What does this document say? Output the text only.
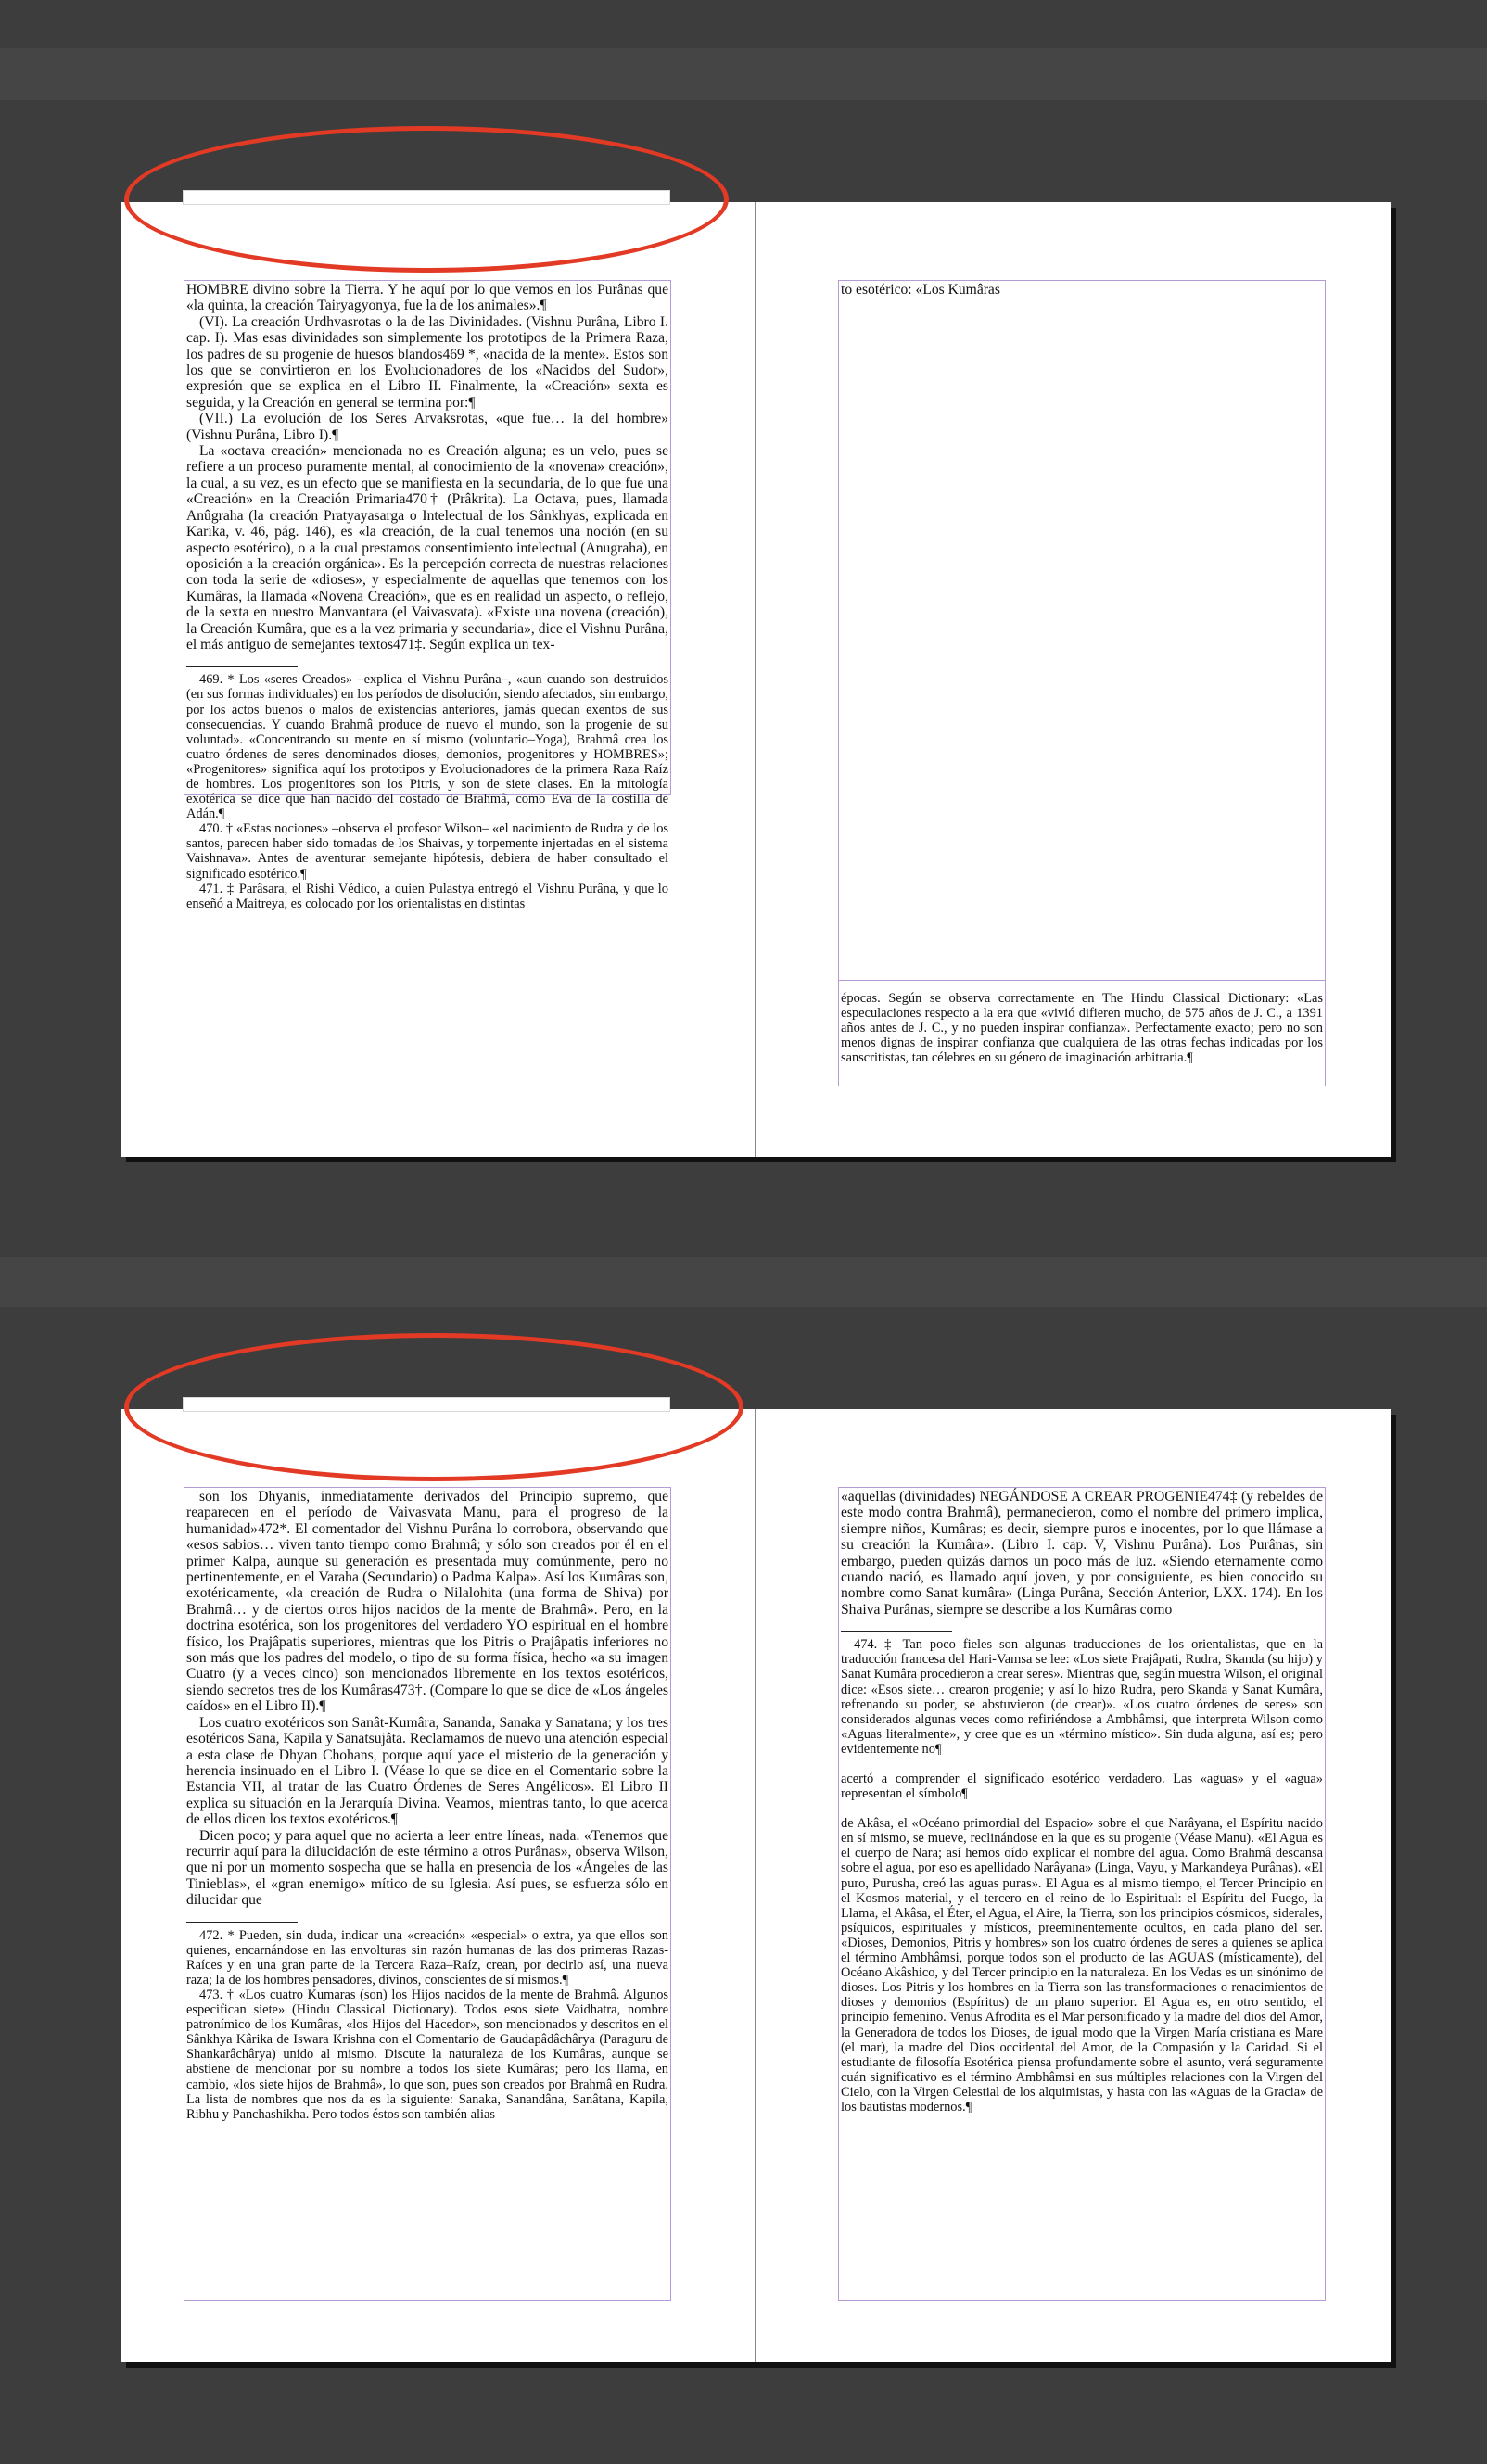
HOMBRE divino sobre la Tierra. Y he aquí por lo que vemos en los Purânas que «la quinta, la creación Tairyagyonya, fue la de los animales».¶

(VI). La creación Urdhvasrotas o la de las Divinidades. (Vishnu Purâna, Libro I. cap. I). Mas esas divinidades son simplemente los prototipos de la Primera Raza, los padres de su progenie de huesos blandos469 *, «nacida de la mente». Estos son los que se convirtieron en los Evolucionadores de los «Nacidos del Sudor», expresión que se explica en el Libro II. Finalmente, la «Creación» sexta es seguida, y la Creación en general se termina por:¶

(VII.) La evolución de los Seres Arvaksrotas, «que fue… la del hombre» (Vishnu Purâna, Libro I).¶

La «octava creación» mencionada no es Creación alguna; es un velo, pues se refiere a un proceso puramente mental, al conocimiento de la «novena» creación», la cual, a su vez, es un efecto que se manifiesta en la secundaria, de lo que fue una «Creación» en la Creación Primaria470† (Prâkrita). La Octava, pues, llamada Anûgraha (la creación Pratyayasarga o Intelectual de los Sânkhyas, explicada en Karika, v. 46, pág. 146), es «la creación, de la cual tenemos una noción (en su aspecto esotérico), o a la cual prestamos consentimiento intelectual (Anugraha), en oposición a la creación orgánica». Es la percepción correcta de nuestras relaciones con toda la serie de «dioses», y especialmente de aquellas que tenemos con los Kumâras, la llamada «Novena Creación», que es en realidad un aspecto, o reflejo, de la sexta en nuestro Manvantara (el Vaivasvata). «Existe una novena (creación), la Creación Kumâra, que es a la vez primaria y secundaria», dice el Vishnu Purâna, el más antiguo de semejantes textos471‡. Según explica un tex-

469. * Los «seres Creados» –explica el Vishnu Purâna–, «aun cuando son destruidos (en sus formas individuales) en los períodos de disolución, siendo afectados, sin embargo, por los actos buenos o malos de existencias anteriores, jamás quedan exentos de sus consecuencias. Y cuando Brahmâ produce de nuevo el mundo, son la progenie de su voluntad». «Concentrando su mente en sí mismo (voluntario–Yoga), Brahmâ crea los cuatro órdenes de seres denominados dioses, demonios, progenitores y HOMBRES»; «Progenitores» significa aquí los prototipos y Evolucionadores de la primera Raza Raíz de hombres. Los progenitores son los Pitris, y son de siete clases. En la mitología exotérica se dice que han nacido del costado de Brahmâ, como Eva de la costilla de Adán.¶

470. † «Estas nociones» –observa el profesor Wilson– «el nacimiento de Rudra y de los santos, parecen haber sido tomadas de los Shaivas, y torpemente injertadas en el sistema Vaishnava». Antes de aventurar semejante hipótesis, debiera de haber consultado el significado esotérico.¶

471. ‡ Parâsara, el Rishi Védico, a quien Pulastya entregó el Vishnu Purâna, y que lo enseñó a Maitreya, es colocado por los orientalistas en distintas

to esotérico: «Los Kumâras

épocas. Según se observa correctamente en The Hindu Classical Dictionary: «Las especulaciones respecto a la era que «vivió difieren mucho, de 575 años de J. C., a 1391 años antes de J. C., y no pueden inspirar confianza». Perfectamente exacto; pero no son menos dignas de inspirar confianza que cualquiera de las otras fechas indicadas por los sanscritistas, tan célebres en su género de imaginación arbitraria.¶

son los Dhyanis, inmediatamente derivados del Principio supremo, que reaparecen en el período de Vaivasvata Manu, para el progreso de la humanidad»472*. El comentador del Vishnu Purâna lo corrobora, observando que «esos sabios… viven tanto tiempo como Brahmâ; y sólo son creados por él en el primer Kalpa, aunque su generación es presentada muy comúnmente, pero no pertinentemente, en el Varaha (Secundario) o Padma Kalpa». Así los Kumâras son, exotéricamente, «la creación de Rudra o Nilalohita (una forma de Shiva) por Brahmâ… y de ciertos otros hijos nacidos de la mente de Brahmâ». Pero, en la doctrina esotérica, son los progenitores del verdadero YO espiritual en el hombre físico, los Prajâpatis superiores, mientras que los Pitris o Prajâpatis inferiores no son más que los padres del modelo, o tipo de su forma física, hecho «a su imagen Cuatro (y a veces cinco) son mencionados libremente en los textos esotéricos, siendo secretos tres de los Kumâras473†. (Compare lo que se dice de «Los ángeles caídos» en el Libro II).¶

Los cuatro exotéricos son Sanât-Kumâra, Sananda, Sanaka y Sanatana; y los tres esotéricos Sana, Kapila y Sanatsujâta. Reclamamos de nuevo una atención especial a esta clase de Dhyan Chohans, porque aquí yace el misterio de la generación y herencia insinuado en el Libro I. (Véase lo que se dice en el Comentario sobre la Estancia VII, al tratar de las Cuatro Órdenes de Seres Angélicos». El Libro II explica su situación en la Jerarquía Divina. Veamos, mientras tanto, lo que acerca de ellos dicen los textos exotéricos.¶

Dicen poco; y para aquel que no acierta a leer entre líneas, nada. «Tenemos que recurrir aquí para la dilucidación de este término a otros Purânas», observa Wilson, que ni por un momento sospecha que se halla en presencia de los «Ángeles de las Tinieblas», el «gran enemigo» mítico de su Iglesia. Así pues, se esfuerza sólo en dilucidar que

472. * Pueden, sin duda, indicar una «creación» «especial» o extra, ya que ellos son quienes, encarnándose en las envolturas sin razón humanas de las dos primeras Razas-Raíces y en una gran parte de la Tercera Raza–Raíz, crean, por decirlo así, una nueva raza; la de los hombres pensadores, divinos, conscientes de sí mismos.¶

473. † «Los cuatro Kumaras (son) los Hijos nacidos de la mente de Brahmâ. Algunos especifican siete» (Hindu Classical Dictionary). Todos esos siete Vaidhatra, nombre patronímico de los Kumâras, «los Hijos del Hacedor», son mencionados y descritos en el Sânkhya Kârika de Iswara Krishna con el Comentario de Gaudapâdâchârya (Paraguru de Shankarâchârya) unido al mismo. Discute la naturaleza de los Kumâras, aunque se abstiene de mencionar por su nombre a todos los siete Kumâras; pero los llama, en cambio, «los siete hijos de Brahmâ», lo que son, pues son creados por Brahmâ en Rudra. La lista de nombres que nos da es la siguiente: Sanaka, Sanandâna, Sanâtana, Kapila, Ribhu y Panchashikha. Pero todos éstos son también alias

«aquellas (divinidades) NEGÁNDOSE A CREAR PROGENIE474‡ (y rebeldes de este modo contra Brahmâ), permanecieron, como el nombre del primero implica, siempre niños, Kumâras; es decir, siempre puros e inocentes, por lo que llámase a su creación la Kumâra». (Libro I. cap. V, Vishnu Purâna). Los Purânas, sin embargo, pueden quizás darnos un poco más de luz. «Siendo eternamente como cuando nació, es llamado aquí joven, y por consiguiente, es bien conocido su nombre como Sanat kumâra» (Linga Purâna, Sección Anterior, LXX. 174). En los Shaiva Purânas, siempre se describe a los Kumâras como

474. ‡ Tan poco fieles son algunas traducciones de los orientalistas, que en la traducción francesa del Hari-Vamsa se lee: «Los siete Prajâpati, Rudra, Skanda (su hijo) y Sanat Kumâra procedieron a crear seres». Mientras que, según muestra Wilson, el original dice: «Esos siete… crearon progenie; y así lo hizo Rudra, pero Skanda y Sanat Kumâra, refrenando su poder, se abstuvieron (de crear)». «Los cuatro órdenes de seres» son considerados algunas veces como refiriéndose a Ambhâmsi, que interpreta Wilson como «Aguas literalmente», y cree que es un «término místico». Sin duda alguna, así es; pero evidentemente no¶

acertó a comprender el significado esotérico verdadero. Las «aguas» y el «agua» representan el símbolo¶

de Akâsa, el «Océano primordial del Espacio» sobre el que Narâyana, el Espíritu nacido en sí mismo, se mueve, reclinándose en la que es su progenie (Véase Manu). «El Agua es el cuerpo de Nara; así hemos oído explicar el nombre del agua. Como Brahmâ descansa sobre el agua, por eso es apellidado Narâyana» (Linga, Vayu, y Markandeya Purânas). «El puro, Purusha, creó las aguas puras». El Agua es al mismo tiempo, el Tercer Principio en el Kosmos material, y el tercero en el reino de lo Espiritual: el Espíritu del Fuego, la Llama, el Akâsa, el Éter, el Agua, el Aire, la Tierra, son los principios cósmicos, siderales, psíquicos, espirituales y místicos, preeminentemente ocultos, en cada plano del ser. «Dioses, Demonios, Pitris y hombres» son los cuatro órdenes de seres a quienes se aplica el término Ambhâmsi, porque todos son el producto de las AGUAS (místicamente), del Océano Akâshico, y del Tercer principio en la naturaleza. En los Vedas es un sinónimo de dioses. Los Pitris y los hombres en la Tierra son las transformaciones o renacimientos de dioses y demonios (Espíritus) de un plano superior. El Agua es, en otro sentido, el principio femenino. Venus Afrodita es el Mar personificado y la madre del dios del Amor, la Generadora de todos los Dioses, de igual modo que la Virgen María cristiana es Mare (el mar), la madre del Dios occidental del Amor, de la Compasión y la Caridad. Si el estudiante de filosofía Esotérica piensa profundamente sobre el asunto, verá seguramente cuán significativo es el término Ambhâmsi en sus múltiples relaciones con la Virgen del Cielo, con la Virgen Celestial de los alquimistas, y hasta con las «Aguas de la Gracia» de los bautistas modernos.¶
